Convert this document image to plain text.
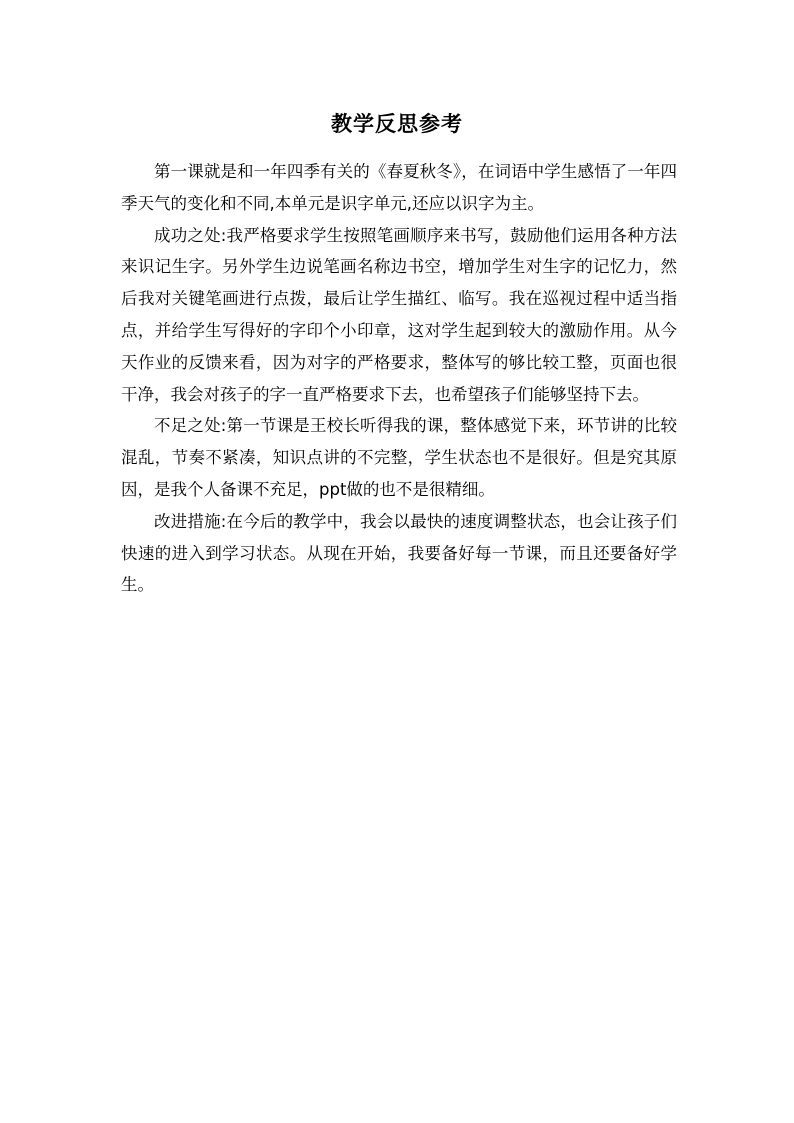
教学反思参考

第一课就是和一年四季有关的《春夏秋冬》，在词语中学生感悟了一年四季天气的变化和不同,本单元是识字单元,还应以识字为主。

成功之处:我严格要求学生按照笔画顺序来书写，鼓励他们运用各种方法来识记生字。另外学生边说笔画名称边书空，增加学生对生字的记忆力，然后我对关键笔画进行点拨，最后让学生描红、临写。我在巡视过程中适当指点，并给学生写得好的字印个小印章，这对学生起到较大的激励作用。从今天作业的反馈来看，因为对字的严格要求，整体写的够比较工整，页面也很干净，我会对孩子的字一直严格要求下去，也希望孩子们能够坚持下去。

不足之处:第一节课是王校长听得我的课，整体感觉下来，环节讲的比较混乱，节奏不紧凑，知识点讲的不完整，学生状态也不是很好。但是究其原因，是我个人备课不充足，ppt做的也不是很精细。

改进措施:在今后的教学中，我会以最快的速度调整状态，也会让孩子们快速的进入到学习状态。从现在开始，我要备好每一节课，而且还要备好学生。
